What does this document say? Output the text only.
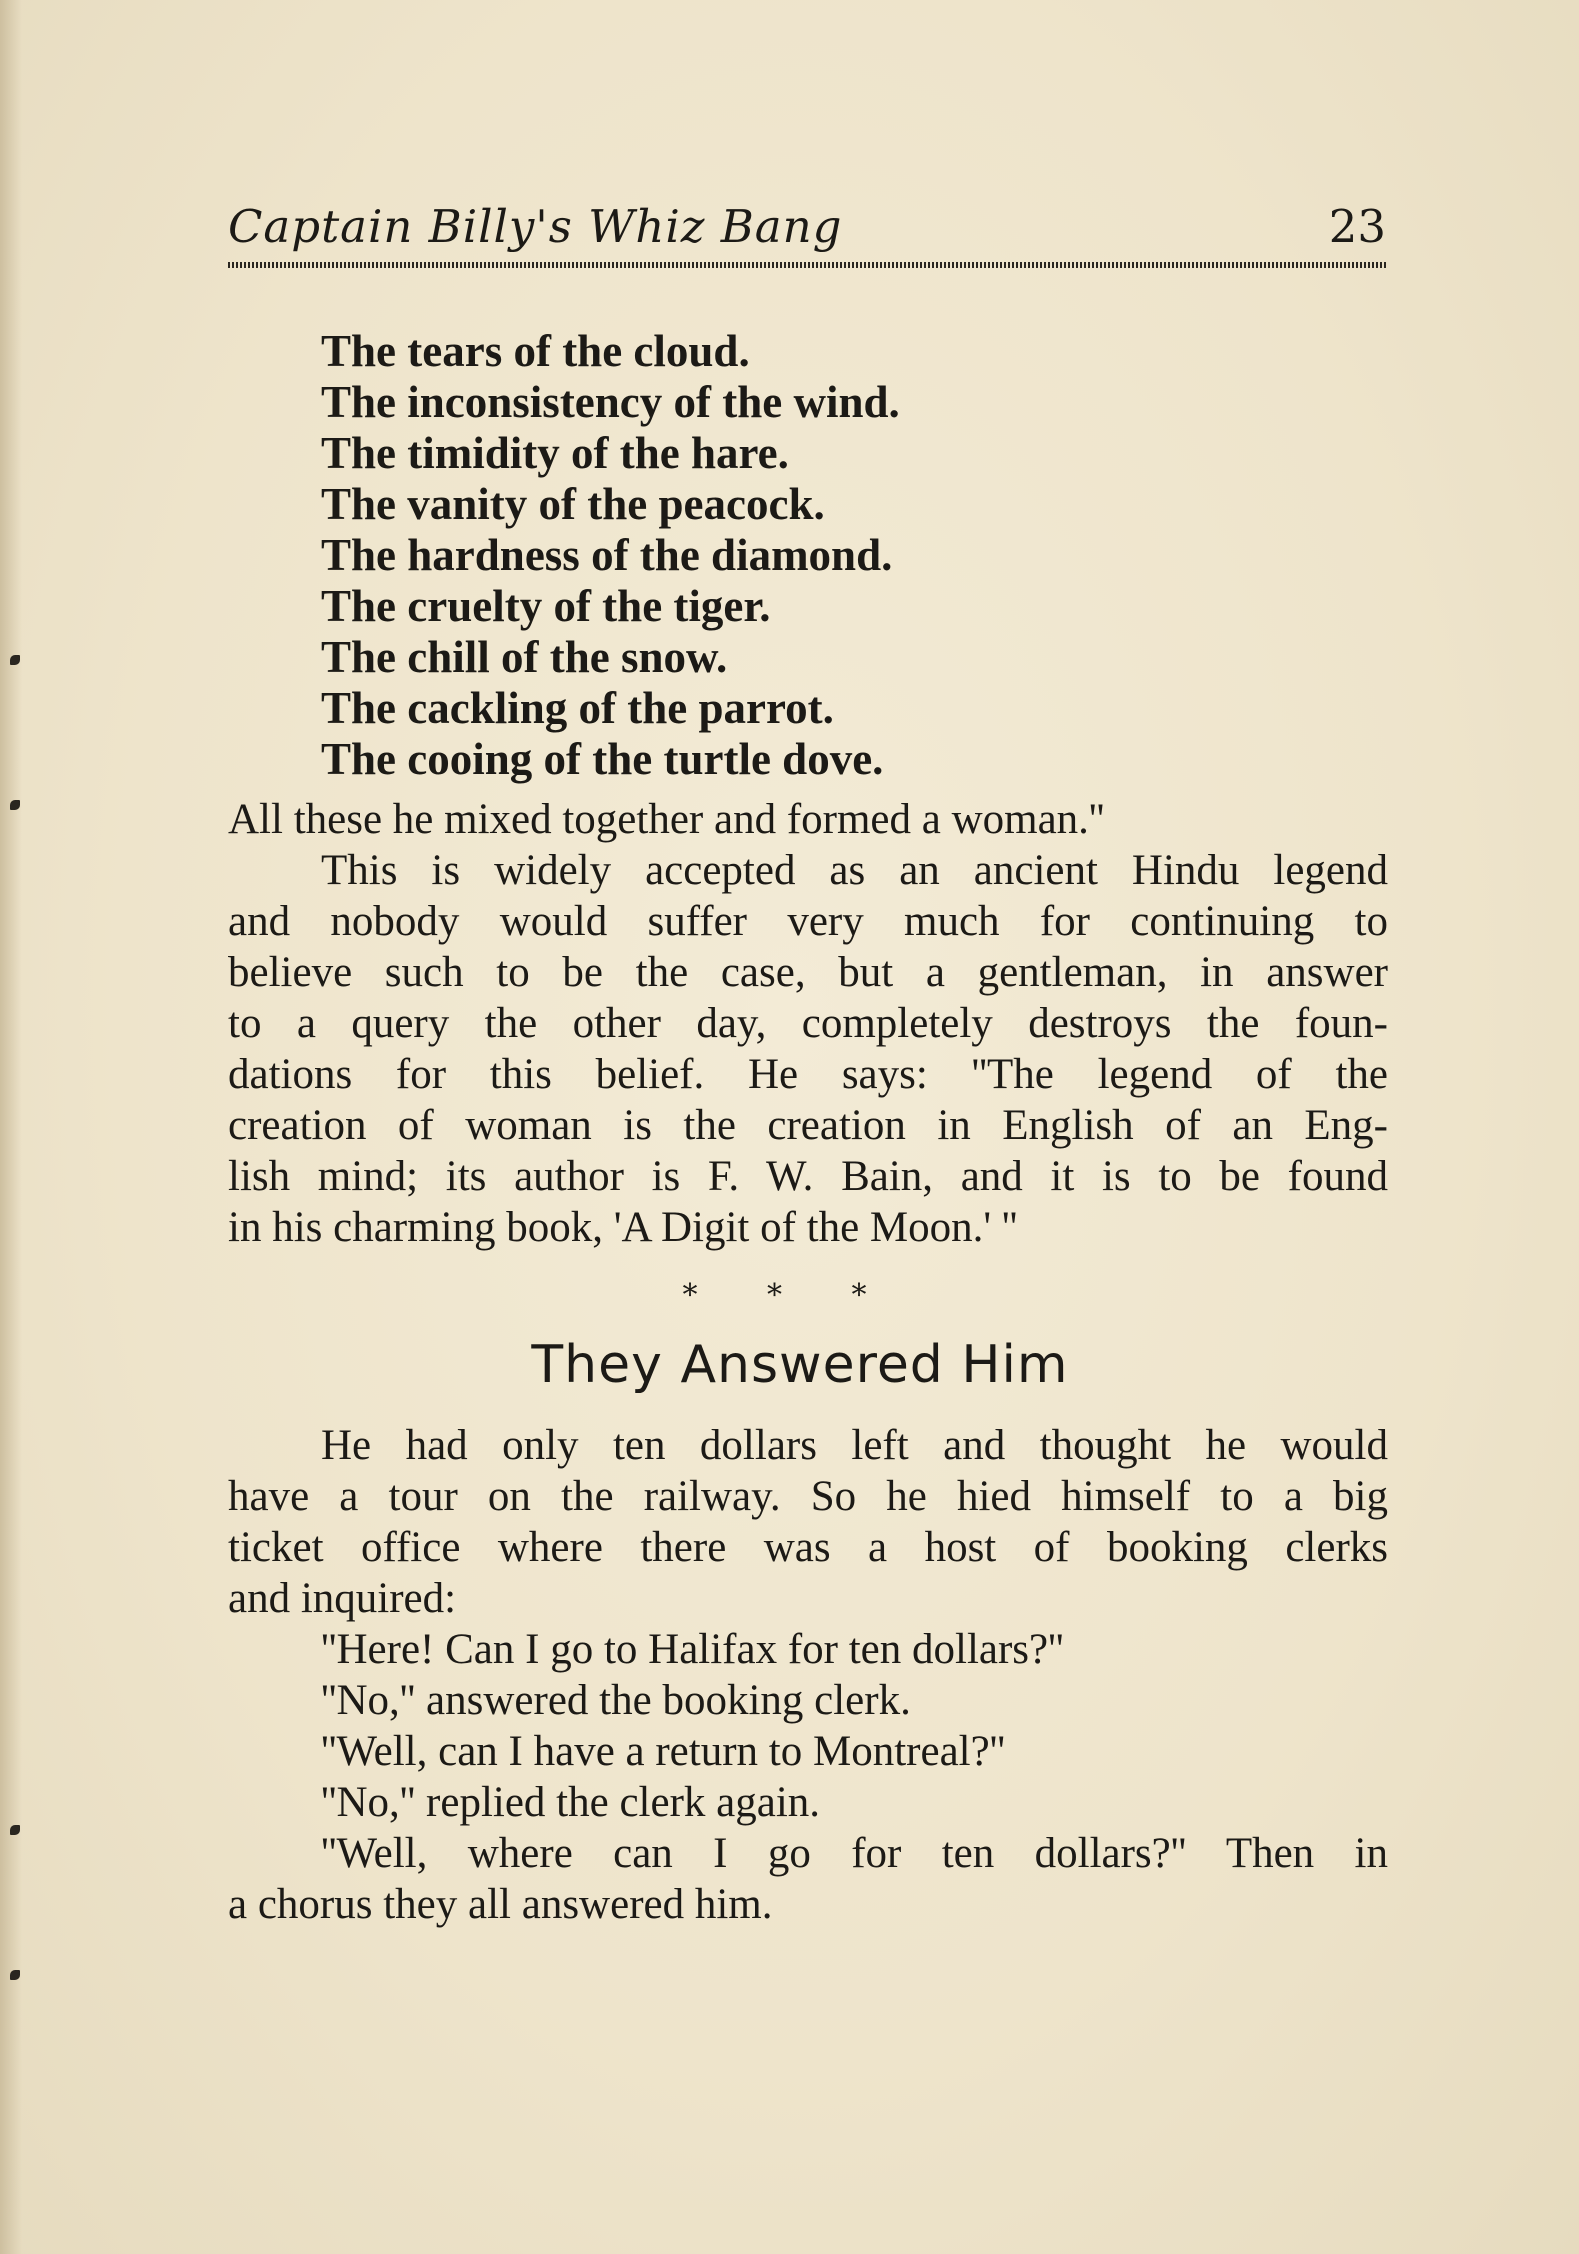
Captain Billy's Whiz Bang	23
The tears of the cloud.
The inconsistency of the wind.
The timidity of the hare.
The vanity of the peacock.
The hardness of the diamond.
The cruelty of the tiger.
The chill of the snow.
The cackling of the parrot.
The cooing of the turtle dove.
All these he mixed together and formed a woman.''
This is widely accepted as an ancient Hindu legend
and nobody would suffer very much for continuing to
believe such to be the case, but a gentleman, in answer
to a query the other day, completely destroys the foun-
dations for this belief. He says: ''The legend of the
creation of woman is the creation in English of an Eng-
lish mind; its author is F. W. Bain, and it is to be found
in his charming book, 'A Digit of the Moon.' ''
* * *
They Answered Him
He had only ten dollars left and thought he would
have a tour on the railway. So he hied himself to a big
ticket office where there was a host of booking clerks
and inquired:
''Here! Can I go to Halifax for ten dollars?''
''No,'' answered the booking clerk.
''Well, can I have a return to Montreal?''
''No,'' replied the clerk again.
''Well, where can I go for ten dollars?'' Then in
a chorus they all answered him.
